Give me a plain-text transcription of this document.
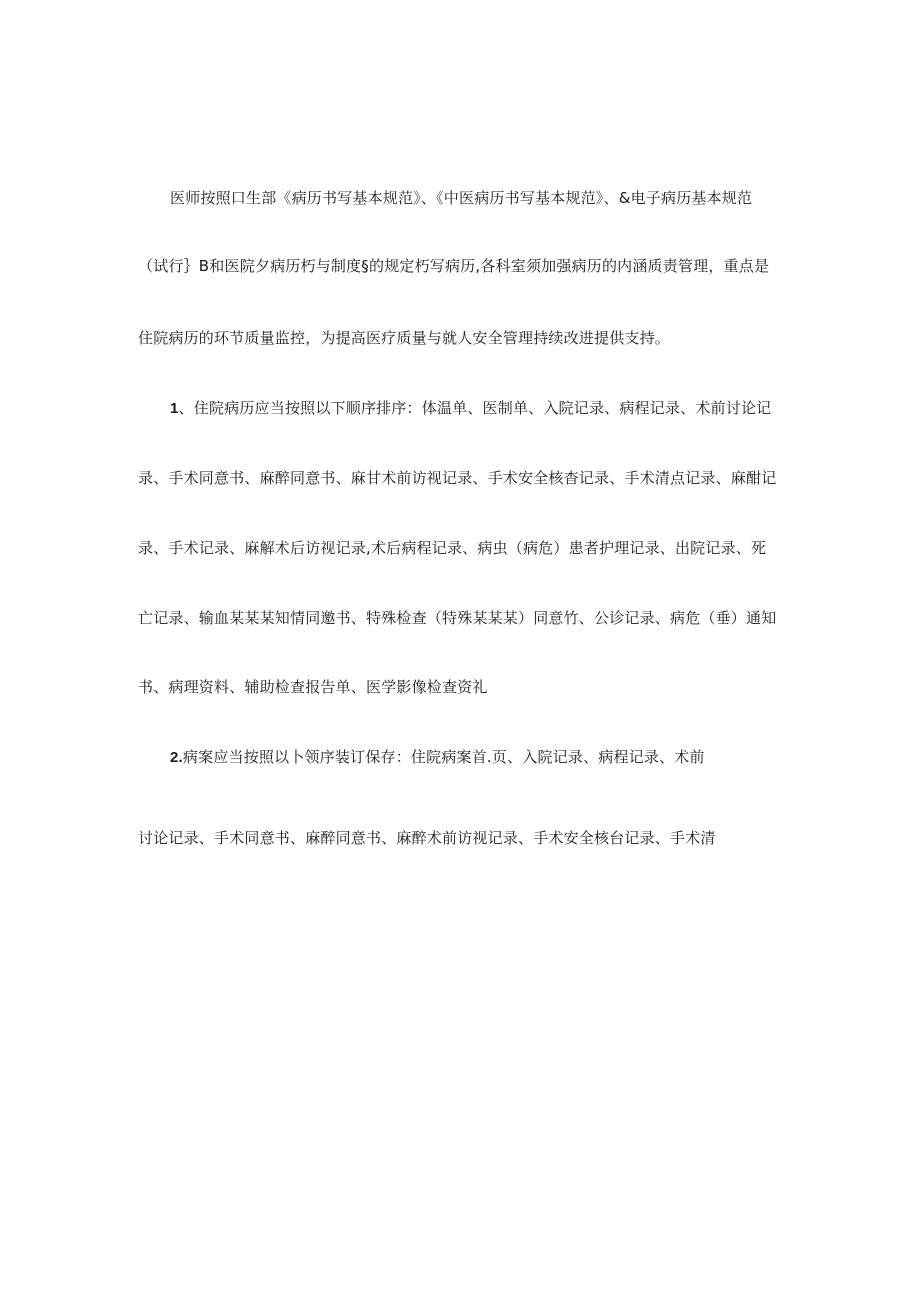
医师按照口生部《病历书写基本规范》、《中医病历书写基本规范》、&电子病历基本规范
（试行｝B和医院夕病历朽与制度§的规定朽写病历,各科室须加强病历的内涵质责管理，重点是
住院病历的环节质量监控，为提高医疗质量与就人安全管理持续改进提供支持。
1、住院病历应当按照以下顺序排序：体温单、医制单、入院记录、病程记录、术前讨论记
录、手术同意书、麻醉同意书、麻甘术前访视记录、手术安全核杳记录、手术清点记录、麻酣记
录、手术记录、麻解术后访视记录,术后病程记录、病虫（病危）患者护理记录、出院记录、死
亡记录、输血某某某知情同邀书、特殊检查（特殊某某某）同意竹、公诊记录、病危（垂）通知
书、病理资料、辅助检查报告单、医学影像检查资礼
2.病案应当按照以卜领序装订保存：住院病案首.页、入院记录、病程记录、术前
讨论记录、手术同意书、麻醉同意书、麻醉术前访视记录、手术安全核台记录、手术清
